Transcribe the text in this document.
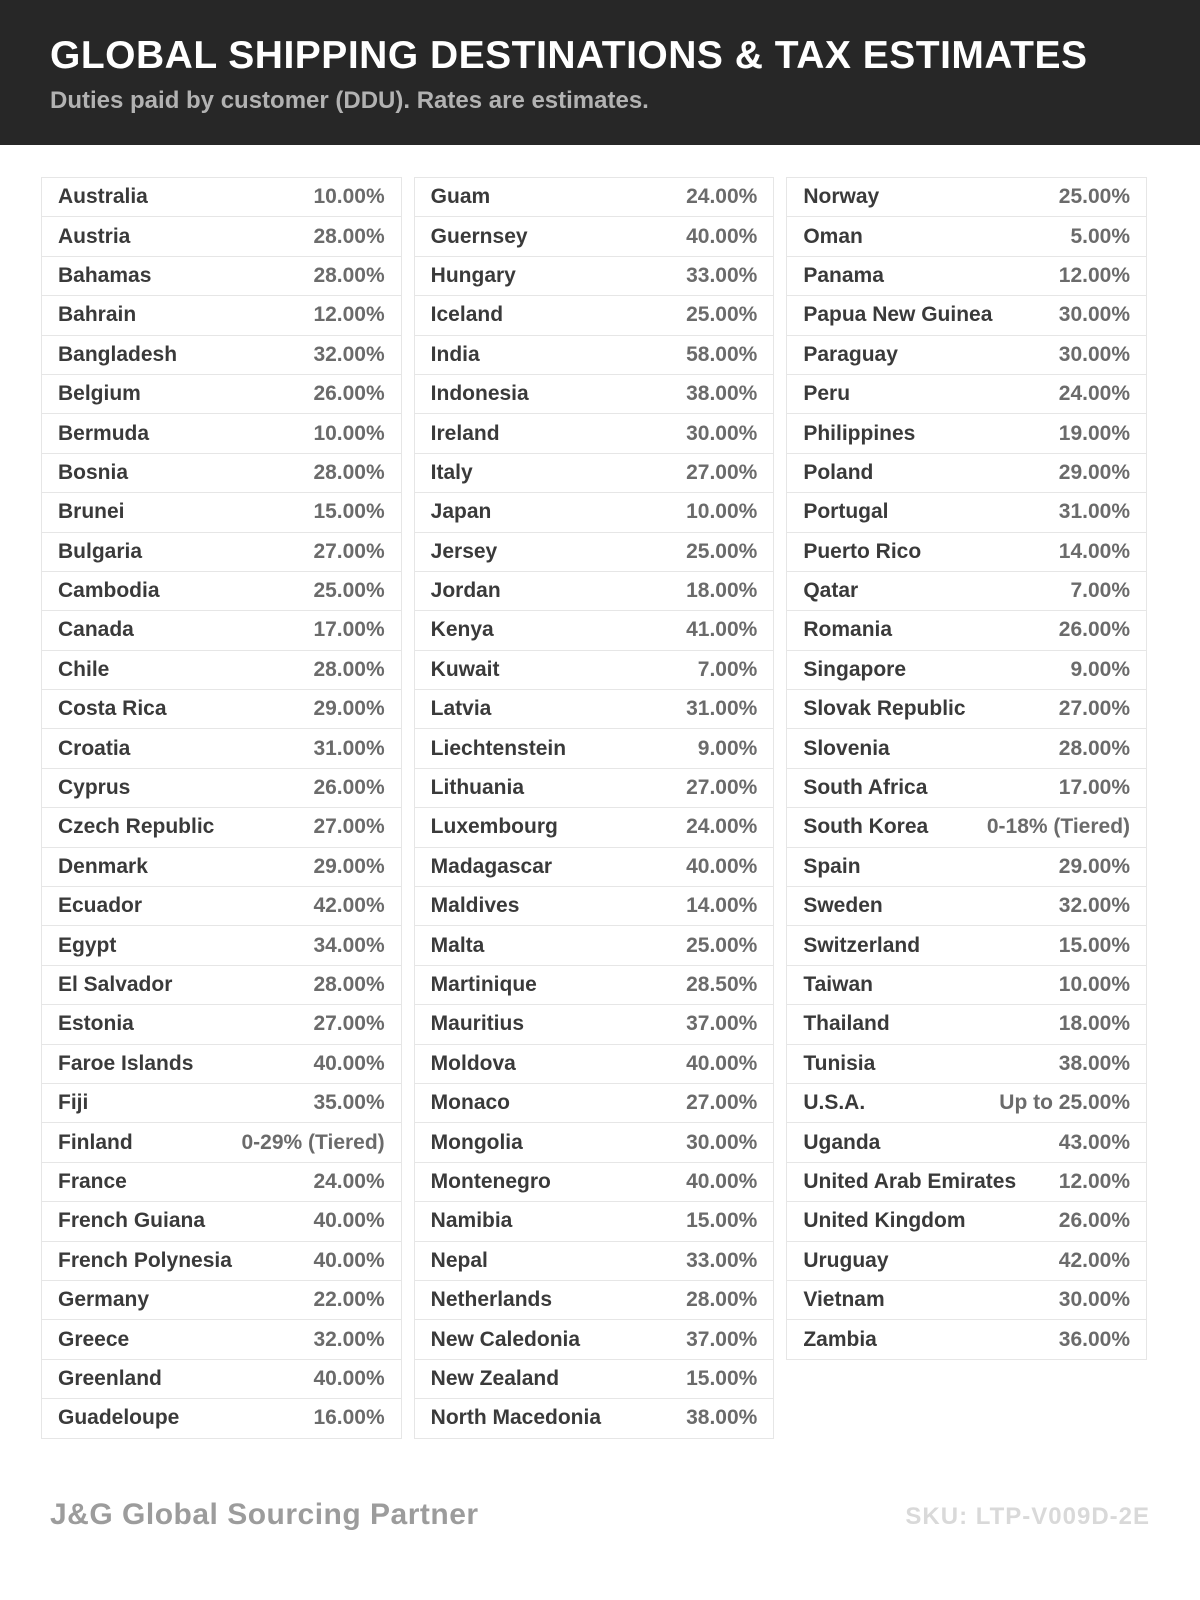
GLOBAL SHIPPING DESTINATIONS & TAX ESTIMATES
Duties paid by customer (DDU). Rates are estimates.
Australia	10.00%
Austria	28.00%
Bahamas	28.00%
Bahrain	12.00%
Bangladesh	32.00%
Belgium	26.00%
Bermuda	10.00%
Bosnia	28.00%
Brunei	15.00%
Bulgaria	27.00%
Cambodia	25.00%
Canada	17.00%
Chile	28.00%
Costa Rica	29.00%
Croatia	31.00%
Cyprus	26.00%
Czech Republic	27.00%
Denmark	29.00%
Ecuador	42.00%
Egypt	34.00%
El Salvador	28.00%
Estonia	27.00%
Faroe Islands	40.00%
Fiji	35.00%
Finland	0-29% (Tiered)
France	24.00%
French Guiana	40.00%
French Polynesia	40.00%
Germany	22.00%
Greece	32.00%
Greenland	40.00%
Guadeloupe	16.00%
Guam	24.00%
Guernsey	40.00%
Hungary	33.00%
Iceland	25.00%
India	58.00%
Indonesia	38.00%
Ireland	30.00%
Italy	27.00%
Japan	10.00%
Jersey	25.00%
Jordan	18.00%
Kenya	41.00%
Kuwait	7.00%
Latvia	31.00%
Liechtenstein	9.00%
Lithuania	27.00%
Luxembourg	24.00%
Madagascar	40.00%
Maldives	14.00%
Malta	25.00%
Martinique	28.50%
Mauritius	37.00%
Moldova	40.00%
Monaco	27.00%
Mongolia	30.00%
Montenegro	40.00%
Namibia	15.00%
Nepal	33.00%
Netherlands	28.00%
New Caledonia	37.00%
New Zealand	15.00%
North Macedonia	38.00%
Norway	25.00%
Oman	5.00%
Panama	12.00%
Papua New Guinea	30.00%
Paraguay	30.00%
Peru	24.00%
Philippines	19.00%
Poland	29.00%
Portugal	31.00%
Puerto Rico	14.00%
Qatar	7.00%
Romania	26.00%
Singapore	9.00%
Slovak Republic	27.00%
Slovenia	28.00%
South Africa	17.00%
South Korea	0-18% (Tiered)
Spain	29.00%
Sweden	32.00%
Switzerland	15.00%
Taiwan	10.00%
Thailand	18.00%
Tunisia	38.00%
U.S.A.	Up to 25.00%
Uganda	43.00%
United Arab Emirates 12.00%
United Kingdom	26.00%
Uruguay	42.00%
Vietnam	30.00%
Zambia	36.00%
J&G Global Sourcing Partner	SKU: LTP-V009D-2E
